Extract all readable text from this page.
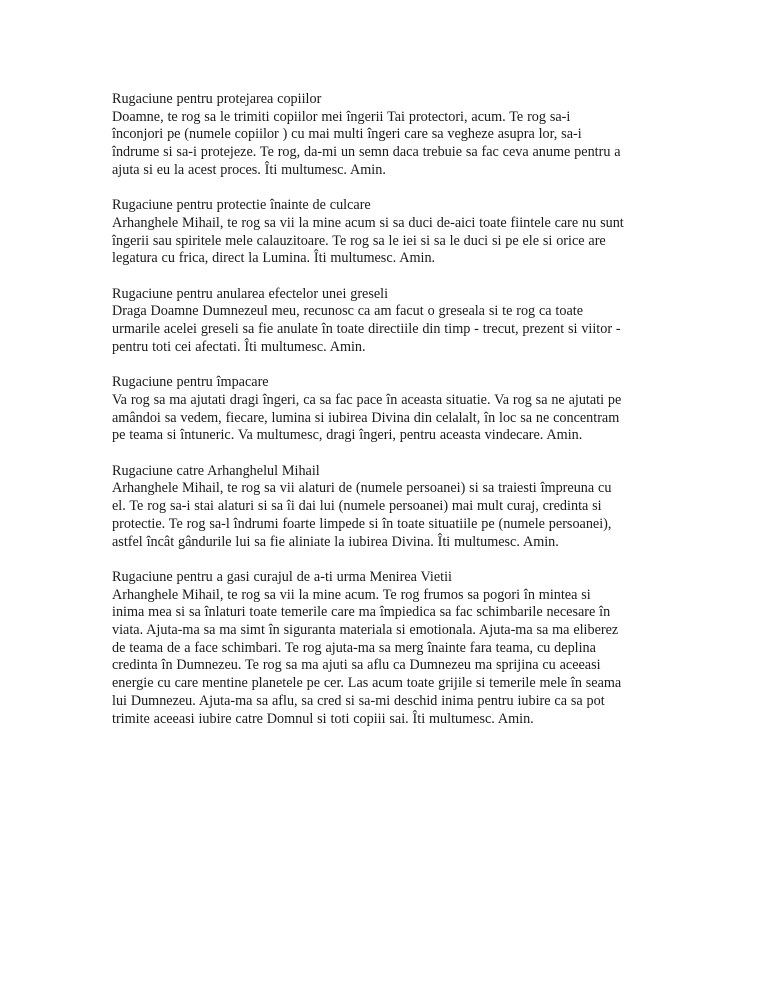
Rugaciune pentru protejarea copiilor
Doamne, te rog sa le trimiti copiilor mei îngerii Tai protectori, acum. Te rog sa-i
înconjori pe (numele copiilor ) cu mai multi îngeri care sa vegheze asupra lor, sa-i
îndrume si sa-i protejeze. Te rog, da-mi un semn daca trebuie sa fac ceva anume pentru a
ajuta si eu la acest proces. Îti multumesc. Amin.
Rugaciune pentru protectie înainte de culcare
Arhanghele Mihail, te rog sa vii la mine acum si sa duci de-aici toate fiintele care nu sunt
îngerii sau spiritele mele calauzitoare. Te rog sa le iei si sa le duci si pe ele si orice are
legatura cu frica, direct la Lumina. Îti multumesc. Amin.
Rugaciune pentru anularea efectelor unei greseli
Draga Doamne Dumnezeul meu, recunosc ca am facut o greseala si te rog ca toate
urmarile acelei greseli sa fie anulate în toate directiile din timp - trecut, prezent si viitor -
pentru toti cei afectati. Îti multumesc. Amin.
Rugaciune pentru împacare
Va rog sa ma ajutati dragi îngeri, ca sa fac pace în aceasta situatie. Va rog sa ne ajutati pe
amândoi sa vedem, fiecare, lumina si iubirea Divina din celalalt, în loc sa ne concentram
pe teama si întuneric. Va multumesc, dragi îngeri, pentru aceasta vindecare. Amin.
Rugaciune catre Arhanghelul Mihail
Arhanghele Mihail, te rog sa vii alaturi de (numele persoanei) si sa traiesti împreuna cu
el. Te rog sa-i stai alaturi si sa îi dai lui (numele persoanei) mai mult curaj, credinta si
protectie. Te rog sa-l îndrumi foarte limpede si în toate situatiile pe (numele persoanei),
astfel încât gândurile lui sa fie aliniate la iubirea Divina. Îti multumesc. Amin.
Rugaciune pentru a gasi curajul de a-ti urma Menirea Vietii
Arhanghele Mihail, te rog sa vii la mine acum. Te rog frumos sa pogori în mintea si
inima mea si sa înlaturi toate temerile care ma împiedica sa fac schimbarile necesare în
viata. Ajuta-ma sa ma simt în siguranta materiala si emotionala. Ajuta-ma sa ma eliberez
de teama de a face schimbari. Te rog ajuta-ma sa merg înainte fara teama, cu deplina
credinta în Dumnezeu. Te rog sa ma ajuti sa aflu ca Dumnezeu ma sprijina cu aceeasi
energie cu care mentine planetele pe cer. Las acum toate grijile si temerile mele în seama
lui Dumnezeu. Ajuta-ma sa aflu, sa cred si sa-mi deschid inima pentru iubire ca sa pot
trimite aceeasi iubire catre Domnul si toti copiii sai. Îti multumesc. Amin.
